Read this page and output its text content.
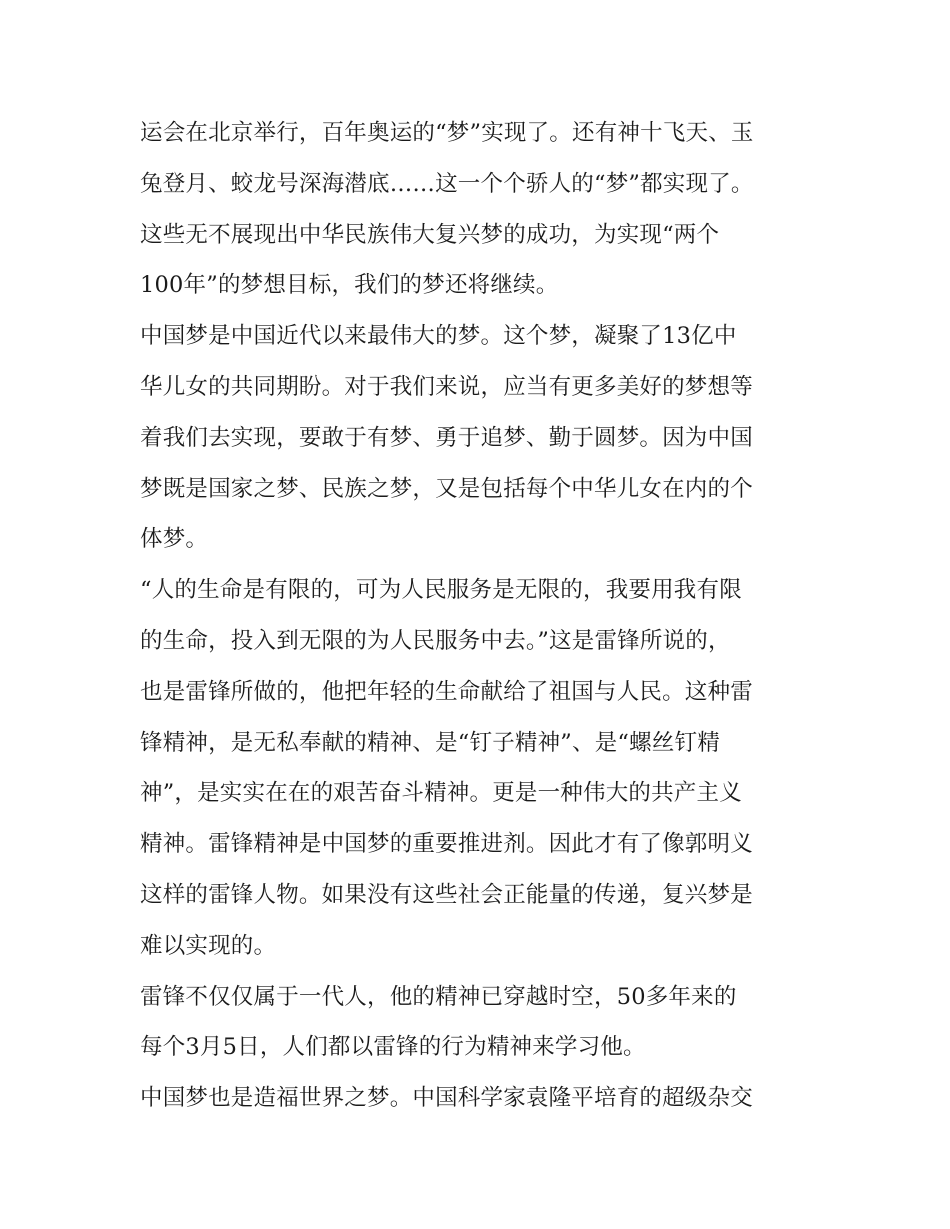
运会在北京举行，百年奥运的“梦”实现了。还有神十飞天、玉
兔登月、蛟龙号深海潜底……这一个个骄人的“梦”都实现了。
这些无不展现出中华民族伟大复兴梦的成功，为实现“两个
100年”的梦想目标，我们的梦还将继续。
中国梦是中国近代以来最伟大的梦。这个梦，凝聚了13亿中
华儿女的共同期盼。对于我们来说，应当有更多美好的梦想等
着我们去实现，要敢于有梦、勇于追梦、勤于圆梦。因为中国
梦既是国家之梦、民族之梦，又是包括每个中华儿女在内的个
体梦。
“人的生命是有限的，可为人民服务是无限的，我要用我有限
的生命，投入到无限的为人民服务中去。”这是雷锋所说的，
也是雷锋所做的，他把年轻的生命献给了祖国与人民。这种雷
锋精神，是无私奉献的精神、是“钉子精神”、是“螺丝钉精
神”，是实实在在的艰苦奋斗精神。更是一种伟大的共产主义
精神。雷锋精神是中国梦的重要推进剂。因此才有了像郭明义
这样的雷锋人物。如果没有这些社会正能量的传递，复兴梦是
难以实现的。
雷锋不仅仅属于一代人，他的精神已穿越时空，50多年来的
每个3月5日，人们都以雷锋的行为精神来学习他。
中国梦也是造福世界之梦。中国科学家袁隆平培育的超级杂交
